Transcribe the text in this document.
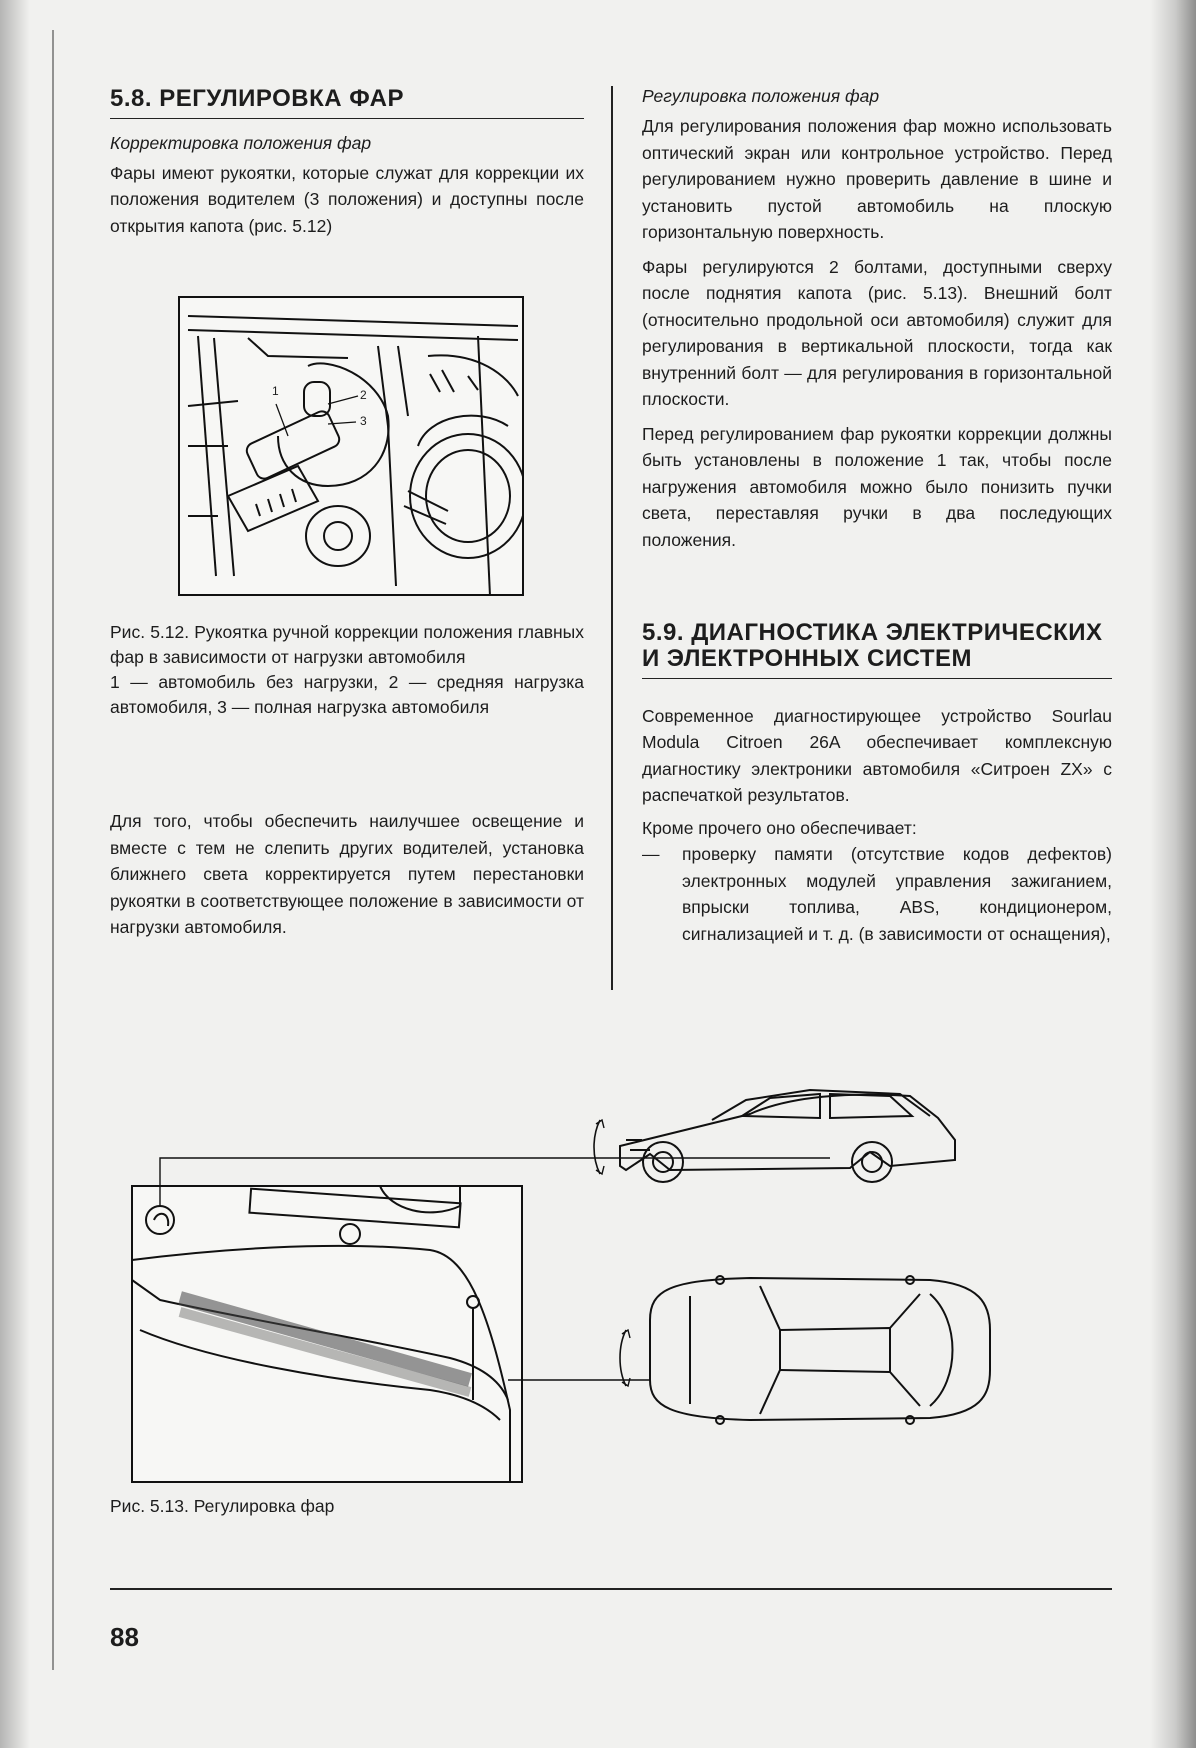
5.8. РЕГУЛИРОВКА ФАР

Корректировка положения фар

Фары имеют рукоятки, которые служат для коррекции их положения водителем (3 положения) и доступны после открытия капота (рис. 5.12)

1	2
3

Рис. 5.12. Рукоятка ручной коррекции положения главных фар в зависимости от нагрузки автомобиля

1 — автомобиль без нагрузки, 2 — средняя нагрузка автомобиля, 3 — полная нагрузка автомобиля

Для того, чтобы обеспечить наилучшее освещение и вместе с тем не слепить других водителей, установка ближнего света корректируется путем перестановки рукоятки в соответствующее положение в зависимости от нагрузки автомобиля.

Регулировка положения фар

Для регулирования положения фар можно использовать оптический экран или контрольное устройство. Перед регулированием нужно проверить давление в шине и установить пустой автомобиль на плоскую горизонтальную поверхность.

Фары регулируются 2 болтами, доступными сверху после поднятия капота (рис. 5.13). Внешний болт (относительно продольной оси автомобиля) служит для регулирования в вертикальной плоскости, тогда как внутренний болт — для регулирования в горизонтальной плоскости.

Перед регулированием фар рукоятки коррекции должны быть установлены в положение 1 так, чтобы после нагружения автомобиля можно было понизить пучки света, переставляя ручки в два последующих положения.

5.9. ДИАГНОСТИКА ЭЛЕКТРИЧЕСКИХ И ЭЛЕКТРОННЫХ СИСТЕМ

Современное диагностирующее устройство Sourlau Modula Citroen 26A обеспечивает комплексную диагностику электроники автомобиля «Ситроен ZX» с распечаткой результатов.

Кроме прочего оно обеспечивает:

—	проверку памяти (отсутствие кодов дефектов) электронных модулей управления зажиганием, впрыски топлива, ABS, кондиционером, сигнализацией и т. д. (в зависимости от оснащения),

Рис. 5.13. Регулировка фар

88
